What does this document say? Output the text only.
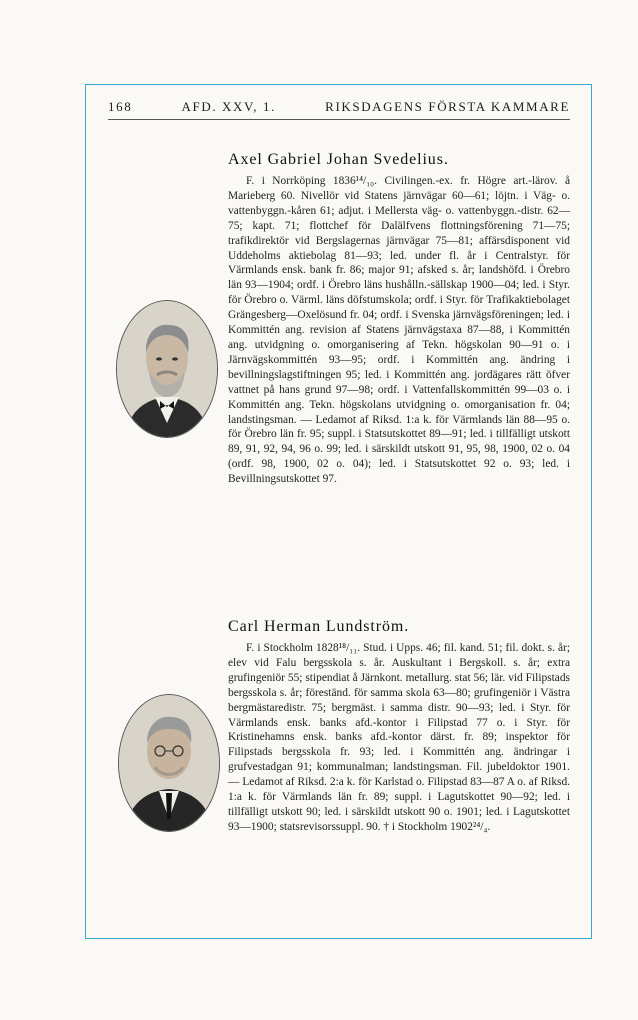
168	AFD. XXV, 1.	RIKSDAGENS FÖRSTA KAMMARE
Axel Gabriel Johan Svedelius.

F. i Norrköping 1836¹⁴/₁₀. Civilingen.-ex. fr. Högre art.-lärov. å Marieberg 60. Nivellör vid Statens järnvägar 60—61; löjtn. i Väg- o. vattenbyggn.-kåren 61; adjut. i Mellersta väg- o. vattenbyggn.-distr. 62—75; kapt. 71; flottchef för Dalälfvens flottningsförening 71—75; trafikdirektör vid Bergslagernas järnvägar 75—81; affärsdisponent vid Uddeholms aktiebolag 81—93; led. under fl. år i Centralstyr. för Värmlands ensk. bank fr. 86; major 91; afsked s. år; landshöfd. i Örebro län 93—1904; ordf. i Örebro läns hushålln.-sällskap 1900—04; led. i Styr. för Örebro o. Värml. läns döfstumskola; ordf. i Styr. för Trafikaktiebolaget Grängesberg—Oxelösund fr. 04; ordf. i Svenska järnvägsföreningen; led. i Kommittén ang. revision af Statens järnvägstaxa 87—88, i Kommittén ang. utvidgning o. omorganisering af Tekn. högskolan 90—91 o. i Järnvägskommittén 93—95; ordf. i Kommittén ang. ändring i bevillningslagstiftningen 95; led. i Kommittén ang. jordägares rätt öfver vattnet på hans grund 97—98; ordf. i Vattenfallskommittén 99—03 o. i Kommittén ang. Tekn. högskolans utvidgning o. omorganisation fr. 04; landstingsman. — Ledamot af Riksd. 1:a k. för Värmlands län 88—95 o. för Örebro län fr. 95; suppl. i Statsutskottet 89—91; led. i tillfälligt utskott 89, 91, 92, 94, 96 o. 99; led. i särskildt utskott 91, 95, 98, 1900, 02 o. 04 (ordf. 98, 1900, 02 o. 04); led. i Statsutskottet 92 o. 93; led. i Bevillningsutskottet 97.

Carl Herman Lundström.

F. i Stockholm 1828¹⁸/₁₁. Stud. i Upps. 46; fil. kand. 51; fil. dokt. s. år; elev vid Falu bergsskola s. år. Auskultant i Bergskoll. s. år; extra grufingeniör 55; stipendiat å Järnkont. metallurg. stat 56; lär. vid Filipstads bergsskola s. år; föreständ. för samma skola 63—80; grufingeniör i Västra bergmästaredistr. 75; bergmäst. i samma distr. 90—93; led. i Styr. för Värmlands ensk. banks afd.-kontor i Filipstad 77 o. i Styr. för Kristinehamns ensk. banks afd.-kontor därst. fr. 89; inspektor för Filipstads bergsskola fr. 93; led. i Kommittén ang. ändringar i grufvestadgan 91; kommunalman; landstingsman. Fil. jubeldoktor 1901. — Ledamot af Riksd. 2:a k. för Karlstad o. Filipstad 83—87 A o. af Riksd. 1:a k. för Värmlands län fr. 89; suppl. i Lagutskottet 90—92; led. i tillfälligt utskott 90; led. i särskildt utskott 90 o. 1901; led. i Lagutskottet 93—1900; statsrevisorssuppl. 90. † i Stockholm 1902²⁴/₄.
